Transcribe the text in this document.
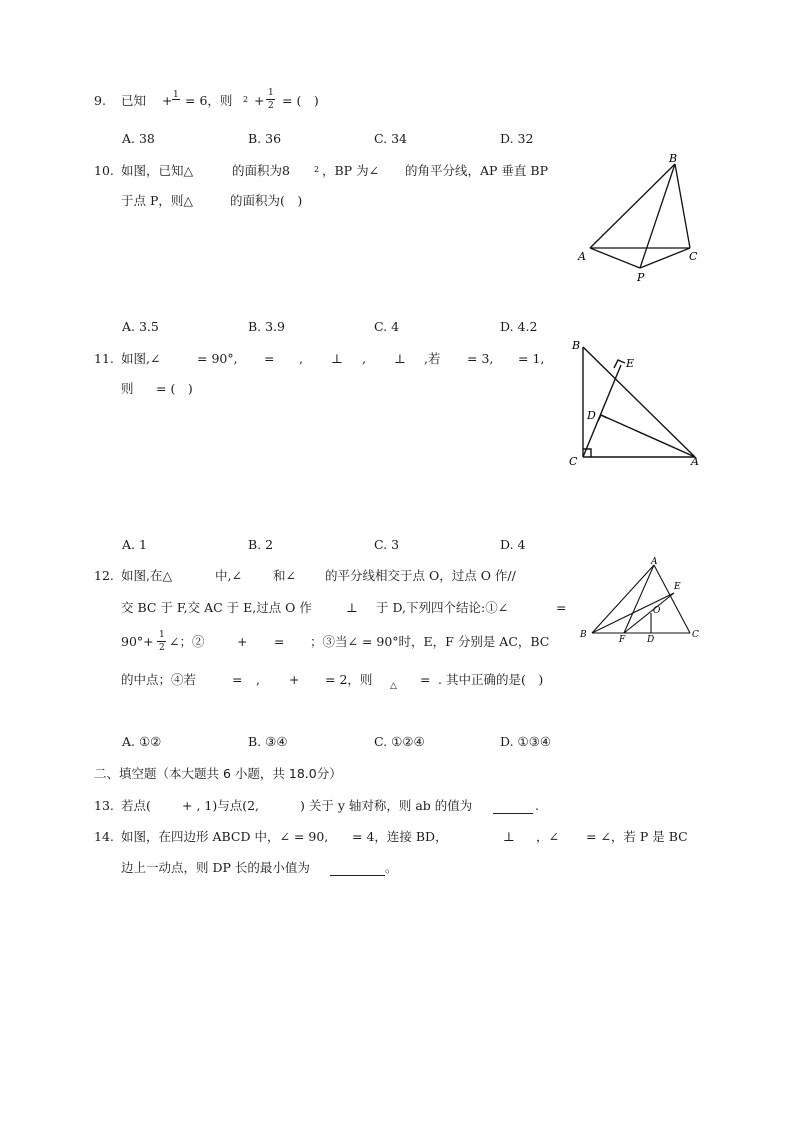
9. 已知 + 1 = 6，则 2 + 1
2 = (　)
A. 38	B. 36	C. 34	D. 32
10. 如图，已知△	的面积为8	2 ，BP 为∠ 的角平分线，AP 垂直 BP
于点 P，则△	的面积为(　)
B
A	C
P
A. 3.5	B. 3.9	C. 4	D. 4.2
11. 如图,∠	= 90°, = , ⊥ , ⊥ ,若 = 3, = 1,
则 = (　)
B
E
D
C	A
A. 1	B. 2	C. 3	D. 4
12. 如图,在△	中,∠ 和∠ 的平分线相交于点 O，过点 O 作//
交 BC 于 F,交 AC 于 E,过点 O 作	⊥ 于 D,下列四个结论:①∠	=
90°+ 1
2 ∠；②	+ = ；③当∠ = 90°时，E，F 分别是 AC，BC
的中点；④若	= , + = 2，则 △ = . 其中正确的是(　)
A
E
O
B	F D	C
A. ①②	B. ③④	C. ①②④	D. ①③④
二、填空题（本大题共 6 小题，共 18.0分）
13. 若点( + , 1)与点(2,	) 关于 y 轴对称，则 ab 的值为	.
14. 如图，在四边形 ABCD 中，∠ = 90, = 4，连接 BD，	⊥ ，∠ = ∠，若 P 是 BC
边上一动点，则 DP 长的最小值为	。
